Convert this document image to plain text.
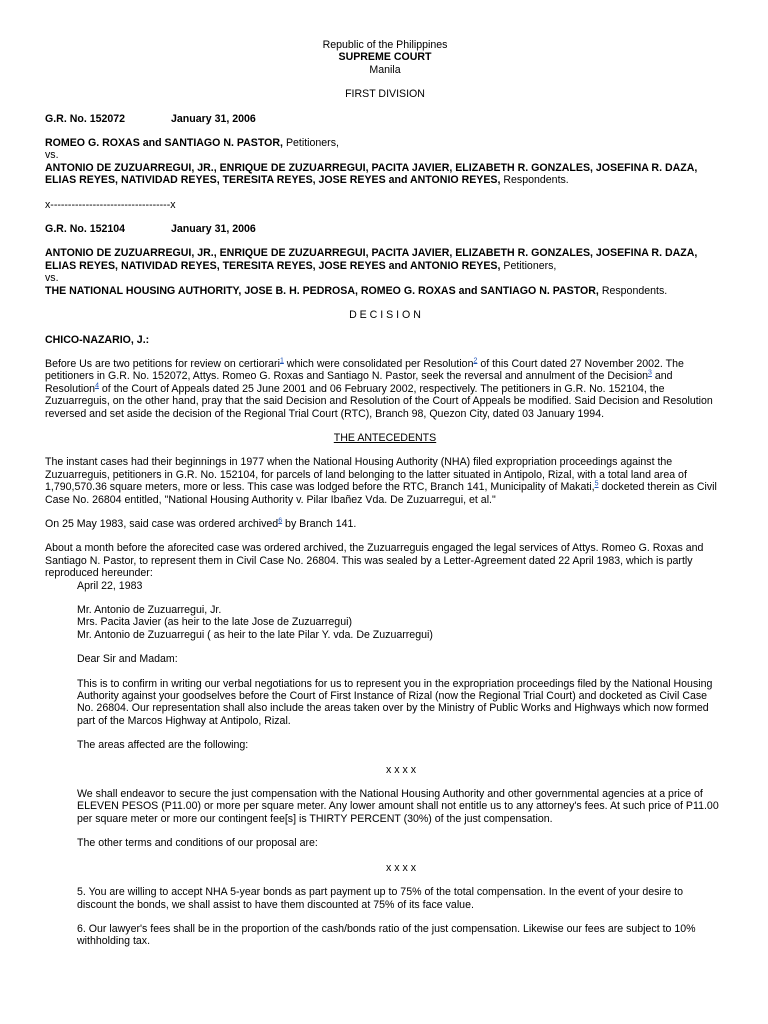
Republic of the Philippines
SUPREME COURT
Manila
FIRST DIVISION
G.R. No. 152072	January 31, 2006
ROMEO G. ROXAS and SANTIAGO N. PASTOR, Petitioners,
vs.
ANTONIO DE ZUZUARREGUI, JR., ENRIQUE DE ZUZUARREGUI, PACITA JAVIER, ELIZABETH R. GONZALES, JOSEFINA R. DAZA, ELIAS REYES, NATIVIDAD REYES, TERESITA REYES, JOSE REYES and ANTONIO REYES, Respondents.
x----------------------------------x
G.R. No. 152104	January 31, 2006
ANTONIO DE ZUZUARREGUI, JR., ENRIQUE DE ZUZUARREGUI, PACITA JAVIER, ELIZABETH R. GONZALES, JOSEFINA R. DAZA, ELIAS REYES, NATIVIDAD REYES, TERESITA REYES, JOSE REYES and ANTONIO REYES, Petitioners,
vs.
THE NATIONAL HOUSING AUTHORITY, JOSE B. H. PEDROSA, ROMEO G. ROXAS and SANTIAGO N. PASTOR, Respondents.
D E C I S I O N
CHICO-NAZARIO, J.:

Before Us are two petitions for review on certiorari$^1$ which were consolidated per Resolution$^2$ of this Court dated 27 November 2002. The petitioners in G.R. No. 152072, Attys. Romeo G. Roxas and Santiago N. Pastor, seek the reversal and annulment of the Decision$^3$ and Resolution$^4$ of the Court of Appeals dated 25 June 2001 and 06 February 2002, respectively. The petitioners in G.R. No. 152104, the Zuzuarreguis, on the other hand, pray that the said Decision and Resolution of the Court of Appeals be modified. Said Decision and Resolution reversed and set aside the decision of the Regional Trial Court (RTC), Branch 98, Quezon City, dated 03 January 1994.

THE ANTECEDENTS

The instant cases had their beginnings in 1977 when the National Housing Authority (NHA) filed expropriation proceedings against the Zuzuarreguis, petitioners in G.R. No. 152104, for parcels of land belonging to the latter situated in Antipolo, Rizal, with a total land area of 1,790,570.36 square meters, more or less. This case was lodged before the RTC, Branch 141, Municipality of Makati,$^5$ docketed therein as Civil Case No. 26804 entitled, "National Housing Authority v. Pilar Ibañez Vda. De Zuzuarregui, et al."

On 25 May 1983, said case was ordered archived$^6$ by Branch 141.

About a month before the aforecited case was ordered archived, the Zuzuarreguis engaged the legal services of Attys. Romeo G. Roxas and Santiago N. Pastor, to represent them in Civil Case No. 26804. This was sealed by a Letter-Agreement dated 22 April 1983, which is partly reproduced hereunder:

April 22, 1983
Mr. Antonio de Zuzuarregui, Jr.
Mrs. Pacita Javier (as heir to the late Jose de Zuzuarregui)
Mr. Antonio de Zuzuarregui ( as heir to the late Pilar Y. vda. De Zuzuarregui)
Dear Sir and Madam:

This is to confirm in writing our verbal negotiations for us to represent you in the expropriation proceedings filed by the National Housing Authority against your goodselves before the Court of First Instance of Rizal (now the Regional Trial Court) and docketed as Civil Case No. 26804. Our representation shall also include the areas taken over by the Ministry of Public Works and Highways which now formed part of the Marcos Highway at Antipolo, Rizal.

The areas affected are the following:

x x x x

We shall endeavor to secure the just compensation with the National Housing Authority and other governmental agencies at a price of ELEVEN PESOS (P11.00) or more per square meter. Any lower amount shall not entitle us to any attorney's fees. At such price of P11.00 per square meter or more our contingent fee[s] is THIRTY PERCENT (30%) of the just compensation.

The other terms and conditions of our proposal are:

x x x x

5. You are willing to accept NHA 5-year bonds as part payment up to 75% of the total compensation. In the event of your desire to discount the bonds, we shall assist to have them discounted at 75% of its face value.

6. Our lawyer's fees shall be in the proportion of the cash/bonds ratio of the just compensation. Likewise our fees are subject to 10% withholding tax.
